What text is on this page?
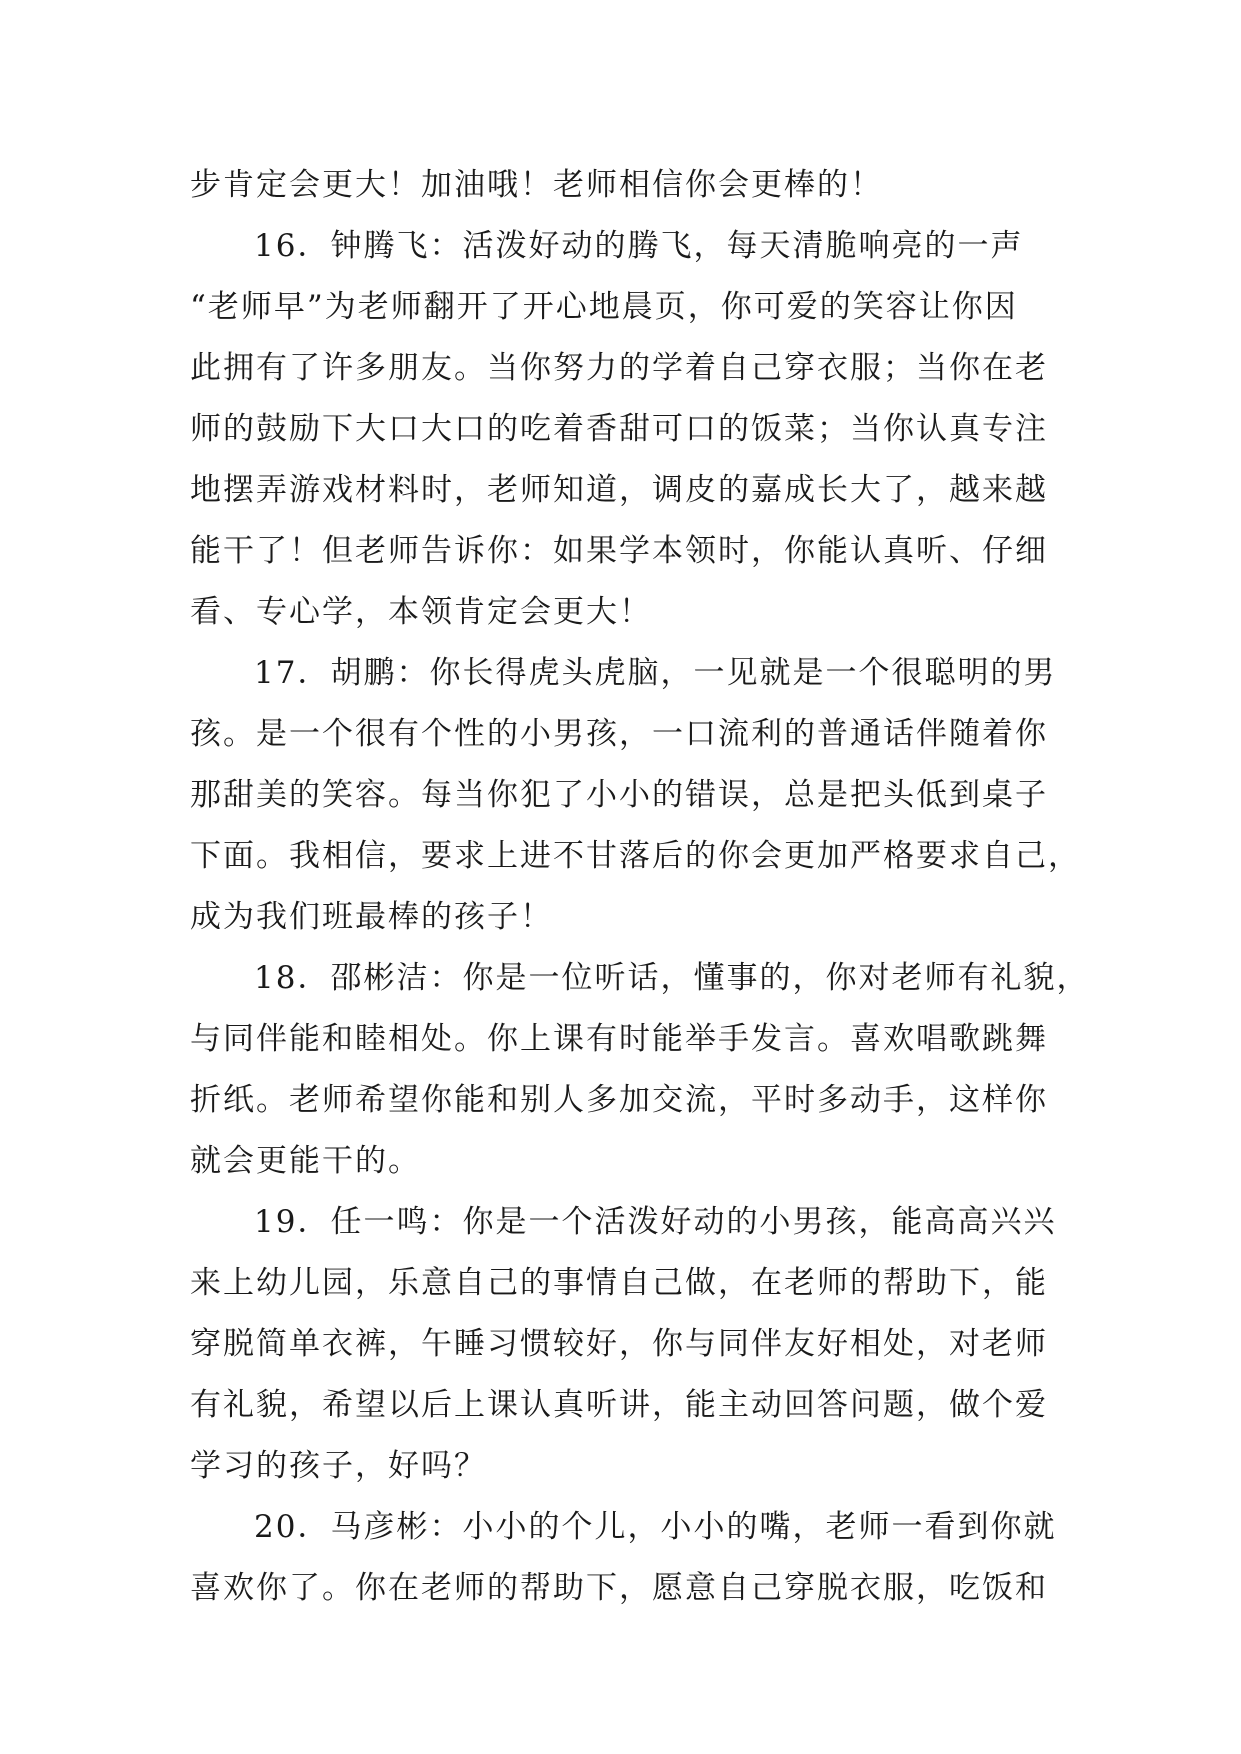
步肯定会更大！加油哦！老师相信你会更棒的！
16．钟腾飞：活泼好动的腾飞，每天清脆响亮的一声
“老师早”为老师翻开了开心地晨页，你可爱的笑容让你因
此拥有了许多朋友。当你努力的学着自己穿衣服；当你在老
师的鼓励下大口大口的吃着香甜可口的饭菜；当你认真专注
地摆弄游戏材料时，老师知道，调皮的嘉成长大了，越来越
能干了！但老师告诉你：如果学本领时，你能认真听、仔细
看、专心学，本领肯定会更大！
17．胡鹏：你长得虎头虎脑，一见就是一个很聪明的男
孩。是一个很有个性的小男孩，一口流利的普通话伴随着你
那甜美的笑容。每当你犯了小小的错误，总是把头低到桌子
下面。我相信，要求上进不甘落后的你会更加严格要求自己，
成为我们班最棒的孩子！
18．邵彬洁：你是一位听话，懂事的，你对老师有礼貌，
与同伴能和睦相处。你上课有时能举手发言。喜欢唱歌跳舞
折纸。老师希望你能和别人多加交流，平时多动手，这样你
就会更能干的。
19．任一鸣：你是一个活泼好动的小男孩，能高高兴兴
来上幼儿园，乐意自己的事情自己做，在老师的帮助下，能
穿脱简单衣裤，午睡习惯较好，你与同伴友好相处，对老师
有礼貌，希望以后上课认真听讲，能主动回答问题，做个爱
学习的孩子，好吗？
20．马彦彬：小小的个儿，小小的嘴，老师一看到你就
喜欢你了。你在老师的帮助下，愿意自己穿脱衣服，吃饭和
